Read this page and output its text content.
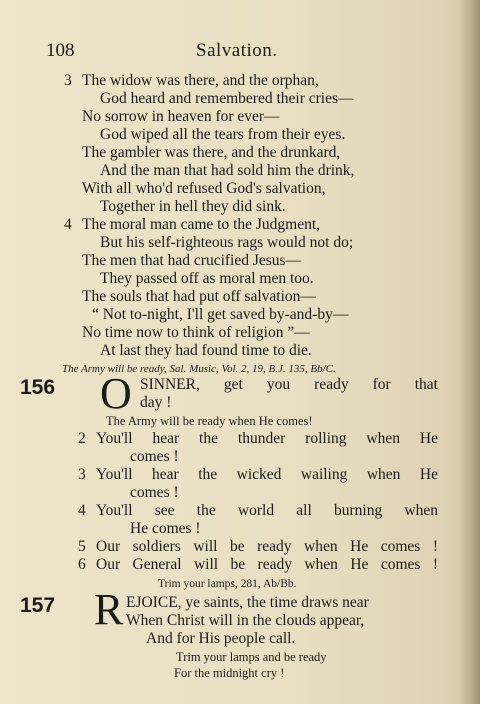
108	Salvation.
3 The widow was there, and the orphan,
God heard and remembered their cries—
No sorrow in heaven for ever—
God wiped all the tears from their eyes.
The gambler was there, and the drunkard,
And the man that had sold him the drink,
With all who'd refused God's salvation,
Together in hell they did sink.
4 The moral man came to the Judgment,
But his self-righteous rags would not do;
The men that had crucified Jesus—
They passed off as moral men too.
The souls that had put off salvation—
“ Not to-night, I'll get saved by-and-by—
No time now to think of religion ”—
At last they had found time to die.
The Army will be ready, Sal. Music, Vol. 2, 19, B.J. 135, Bb/C.
156 O SINNER, get you ready for that
day !
The Army will be ready when He comes!
2 You'll hear the thunder rolling when He
comes !
3 You'll hear the wicked wailing when He
comes !
4 You'll see the world all burning when
He comes !
5 Our soldiers will be ready when He comes !
6 Our General will be ready when He comes !
Trim your lamps, 281, Ab/Bb.
157 R EJOICE, ye saints, the time draws near
When Christ will in the clouds appear,
And for His people call.
Trim your lamps and be ready
For the midnight cry !
